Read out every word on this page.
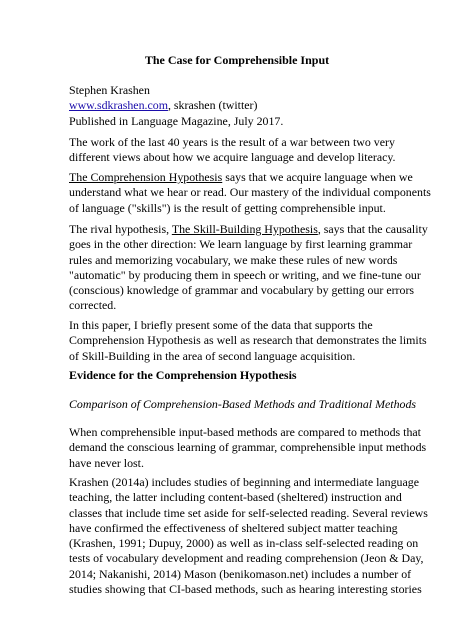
The Case for Comprehensible Input
Stephen Krashen
www.sdkrashen.com, skrashen (twitter)
Published in Language Magazine, July 2017.
The work of the last 40 years is the result of a war between two very
different views about how we acquire language and develop literacy.
The Comprehension Hypothesis says that we acquire language when we
understand what we hear or read. Our mastery of the individual components
of language ("skills") is the result of getting comprehensible input.
The rival hypothesis, The Skill-Building Hypothesis, says that the causality
goes in the other direction: We learn language by first learning grammar
rules and memorizing vocabulary, we make these rules of new words
"automatic" by producing them in speech or writing, and we fine-tune our
(conscious) knowledge of grammar and vocabulary by getting our errors
corrected.
In this paper, I briefly present some of the data that supports the
Comprehension Hypothesis as well as research that demonstrates the limits
of Skill-Building in the area of second language acquisition.
Evidence for the Comprehension Hypothesis
Comparison of Comprehension-Based Methods and Traditional Methods
When comprehensible input-based methods are compared to methods that
demand the conscious learning of grammar, comprehensible input methods
have never lost.
Krashen (2014a) includes studies of beginning and intermediate language
teaching, the latter including content-based (sheltered) instruction and
classes that include time set aside for self-selected reading. Several reviews
have confirmed the effectiveness of sheltered subject matter teaching
(Krashen, 1991; Dupuy, 2000) as well as in-class self-selected reading on
tests of vocabulary development and reading comprehension (Jeon & Day,
2014; Nakanishi, 2014) Mason (benikomason.net) includes a number of
studies showing that CI-based methods, such as hearing interesting stories
